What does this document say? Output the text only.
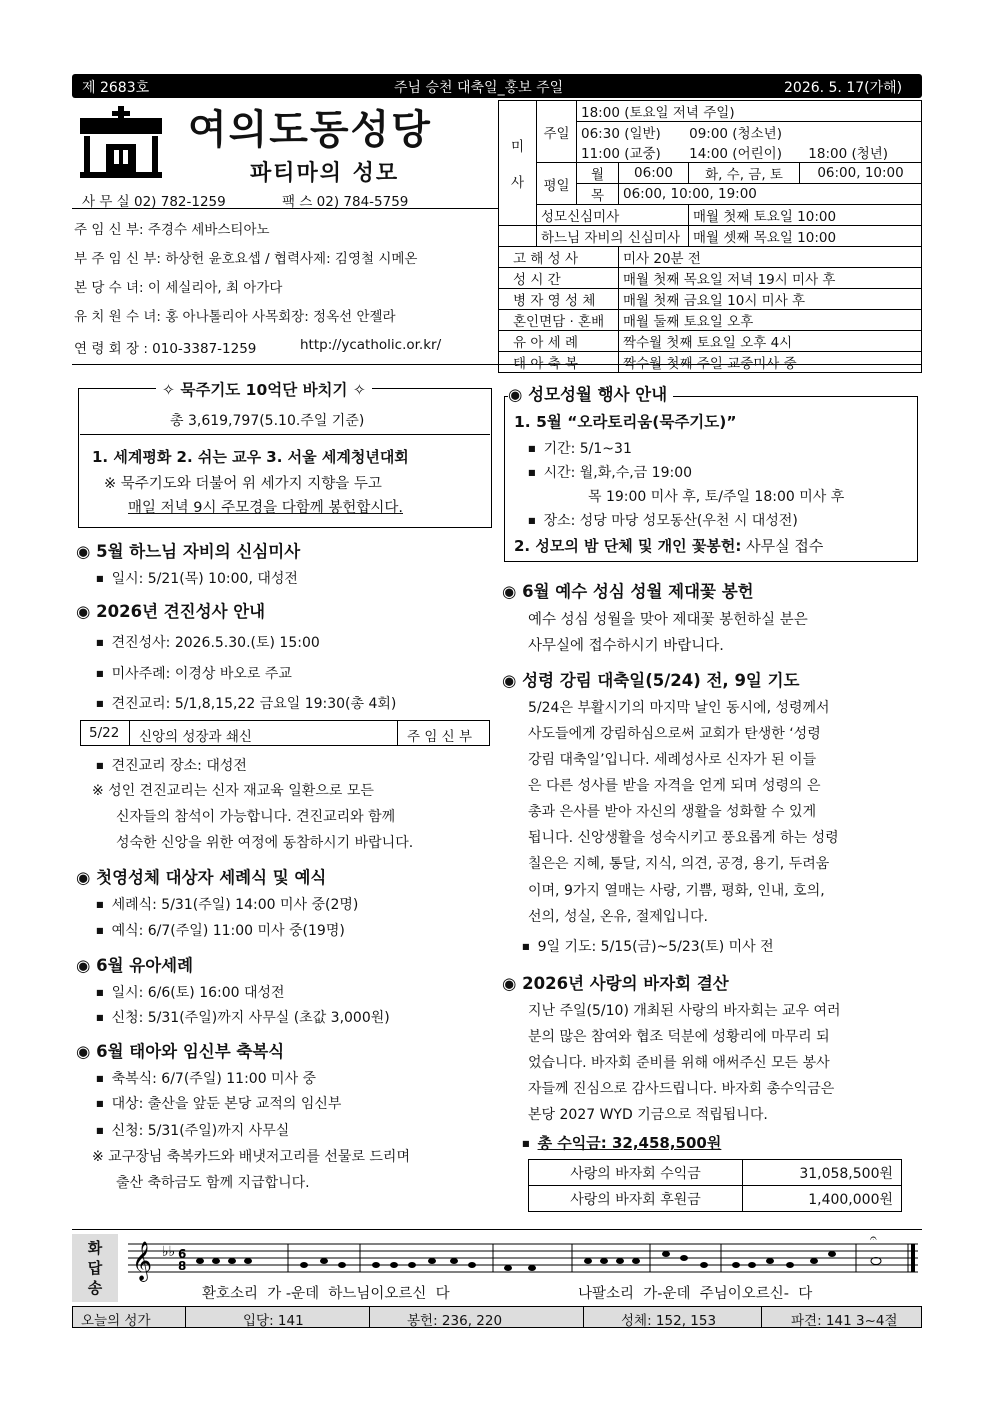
제 2683호	주님 승천 대축일_홍보 주일	2026. 5. 17(가해)
여의도동성당
파티마의 성모
사 무 실 02) 782-1259	팩 스 02) 784-5759
주 임 신 부: 주경수 세바스티아노
부 주 임 신 부: 하상헌 윤호요셉 / 협력사제: 김영철 시메온
본 당 수 녀: 이 세실리아, 최 아가다
유 치 원 수 녀: 홍 아나톨리아 사목회장: 정옥선 안젤라
연 령 회 장 : 010-3387-1259	http://ycatholic.or.kr/
미

사	주일	18:00 (토요일 저녁 주일)			
		06:30 (일반) 09:00 (청소년)			
		11:00 (교중) 14:00 (어린이) 18:00 (청년)			
	평일	월	06:00	화, 수, 금, 토	06:00, 10:00
		목	06:00, 10:00, 19:00		
	성모신심미사			매월 첫째 토요일 10:00	
	하느님 자비의 신심미사			매월 셋째 목요일 10:00	
고 해 성 사			미사 20분 전		
성 시 간			매월 첫째 목요일 저녁 19시 미사 후		
병 자 영 성 체			매월 첫째 금요일 10시 미사 후		
혼인면담 · 혼배			매월 둘째 토요일 오후		
유 아 세 례			짝수월 첫째 토요일 오후 4시		
태 아 축 복			짝수월 첫째 주일 교중미사 중		
✧ 묵주기도 10억단 바치기 ✧
총 3,619,797(5.10.주일 기준)
1. 세계평화 2. 쉬는 교우 3. 서울 세계청년대회
※ 묵주기도와 더불어 위 세가지 지향을 두고
매일 저녁 9시 주모경을 다함께 봉헌합시다.
◉ 5월 하느님 자비의 신심미사
■ 일시: 5/21(목) 10:00, 대성전
◉ 2026년 견진성사 안내
■ 견진성사: 2026.5.30.(토) 15:00
■ 미사주례: 이경상 바오로 주교
■ 견진교리: 5/1,8,15,22 금요일 19:30(총 4회)
5/22 신앙의 성장과 쇄신	주 임 신 부
■ 견진교리 장소: 대성전
※ 성인 견진교리는 신자 재교육 일환으로 모든
신자들의 참석이 가능합니다. 견진교리와 함께
성숙한 신앙을 위한 여정에 동참하시기 바랍니다.
◉ 첫영성체 대상자 세례식 및 예식
■ 세례식: 5/31(주일) 14:00 미사 중(2명)
■ 예식: 6/7(주일) 11:00 미사 중(19명)
◉ 6월 유아세례
■ 일시: 6/6(토) 16:00 대성전
■ 신청: 5/31(주일)까지 사무실 (초값 3,000원)
◉ 6월 태아와 임신부 축복식
■ 축복식: 6/7(주일) 11:00 미사 중
■ 대상: 출산을 앞둔 본당 교적의 임신부
■ 신청: 5/31(주일)까지 사무실
※ 교구장님 축복카드와 배냇저고리를 선물로 드리며
출산 축하금도 함께 지급합니다.
◉ 성모성월 행사 안내
1. 5월 “오라토리움(묵주기도)”
■ 기간: 5/1~31
■ 시간: 월,화,수,금 19:00
목 19:00 미사 후, 토/주일 18:00 미사 후
■ 장소: 성당 마당 성모동산(우천 시 대성전)
2. 성모의 밤 단체 및 개인 꽃봉헌: 사무실 접수
◉ 6월 예수 성심 성월 제대꽃 봉헌
예수 성심 성월을 맞아 제대꽃 봉헌하실 분은
사무실에 접수하시기 바랍니다.
◉ 성령 강림 대축일(5/24) 전, 9일 기도
5/24은 부활시기의 마지막 날인 동시에, 성령께서
사도들에게 강림하심으로써 교회가 탄생한 ‘성령
강림 대축일’입니다. 세례성사로 신자가 된 이들
은 다른 성사를 받을 자격을 얻게 되며 성령의 은
총과 은사를 받아 자신의 생활을 성화할 수 있게
됩니다. 신앙생활을 성숙시키고 풍요롭게 하는 성령
칠은은 지혜, 통달, 지식, 의견, 공경, 용기, 두려움
이며, 9가지 열매는 사랑, 기쁨, 평화, 인내, 호의,
선의, 성실, 온유, 절제입니다.
■ 9일 기도: 5/15(금)~5/23(토) 미사 전
◉ 2026년 사랑의 바자회 결산
지난 주일(5/10) 개최된 사랑의 바자회는 교우 여러
분의 많은 참여와 협조 덕분에 성황리에 마무리 되
었습니다. 바자회 준비를 위해 애써주신 모든 봉사
자들께 진심으로 감사드립니다. 바자회 총수익금은
본당 2027 WYD 기금으로 적립됩니다.
■ 총 수익금: 32,458,500원
사랑의 바자회 수익금	31,058,500원
사랑의 바자회 후원금	1,400,000원
화
답
송
𝄞 ♭♭ 6
8
𝄐
환호소리  가 -운데  하느님이오르신  다	나팔소리  가-운데  주님이오르신-  다
오늘의 성가	입당: 141	봉헌: 236, 220	성체: 152, 153	파견: 141 3~4절
